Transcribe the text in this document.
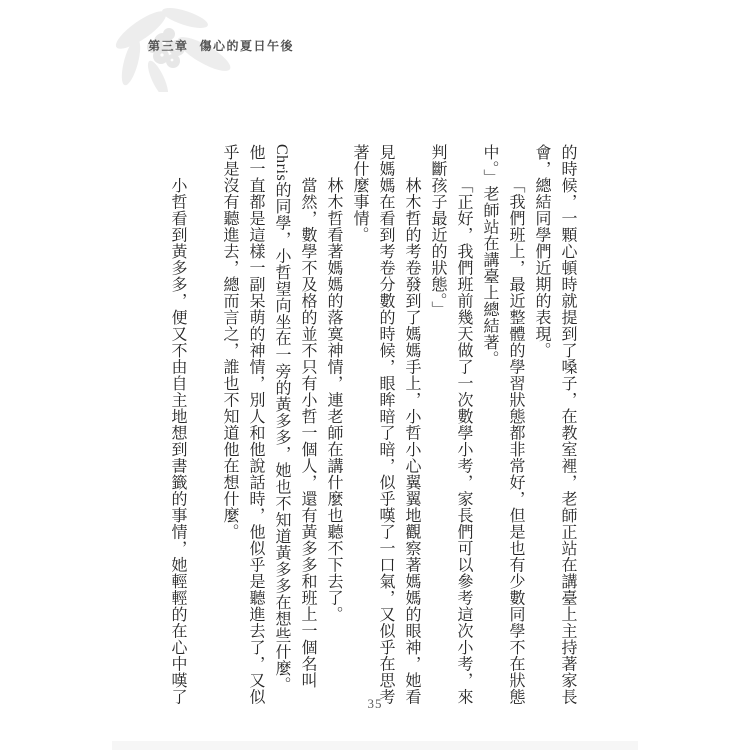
第三章 傷心的夏日午後
的時候，一顆心頓時就提到了嗓子，在教室裡，老師正站在講臺上主持著家長
會，總結同學們近期的表現。
「我們班上，最近整體的學習狀態都非常好，但是也有少數同學不在狀態
中。」老師站在講臺上總結著。
「正好，我們班前幾天做了一次數學小考，家長們可以參考這次小考，來
判斷孩子最近的狀態。」
林木哲的考卷發到了媽媽手上，小哲小心翼翼地觀察著媽媽的眼神，她看
見媽媽在看到考卷分數的時候，眼眸暗了暗，似乎嘆了一口氣，又似乎在思考
著什麼事情。
林木哲看著媽媽的落寞神情，連老師在講什麼也聽不下去了。
當然，數學不及格的並不只有小哲一個人，還有黃多多和班上一個名叫
Chris的同學，小哲望向坐在一旁的黃多多，她也不知道黃多多在想些什麼。
他一直都是這樣一副呆萌的神情，別人和他說話時，他似乎是聽進去了，又似
乎是沒有聽進去，總而言之，誰也不知道他在想什麼。
小哲看到黃多多，便又不由自主地想到書籤的事情，她輕輕的在心中嘆了	35
